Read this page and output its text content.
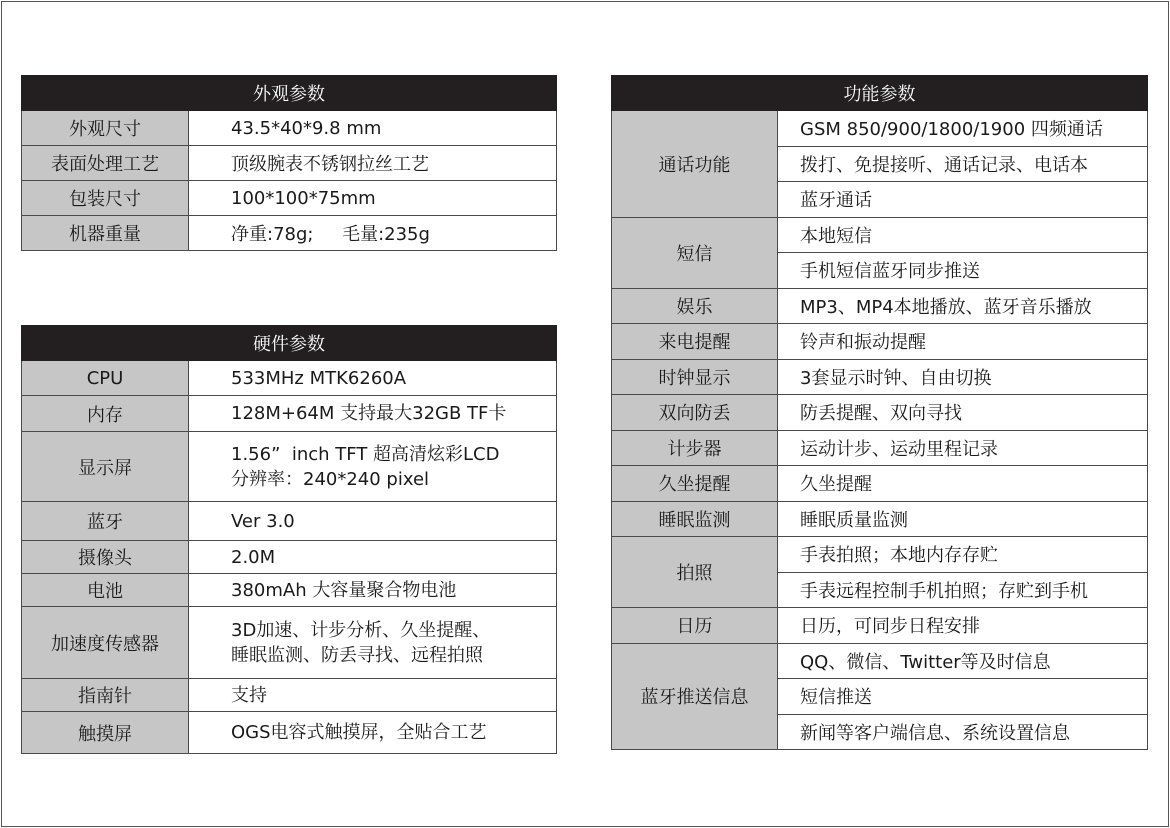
外观参数	
外观尺寸	43.5*40*9.8 mm
表面处理工艺	顶级腕表不锈钢拉丝工艺
包装尺寸	100*100*75mm
机器重量	净重:78g;     毛量:235g
硬件参数	
CPU	533MHz MTK6260A
内存	128M+64M 支持最大32GB TF卡
显示屏	1.56”  inch TFT 超高清炫彩LCD
分辨率：240*240 pixel

蓝牙	Ver 3.0
摄像头	2.0M
电池	380mAh 大容量聚合物电池
加速度传感器	3D加速、计步分析、久坐提醒、
睡眠监测、防丢寻找、远程拍照

指南针	支持
触摸屏	OGS电容式触摸屏，全贴合工艺
功能参数	
通话功能	GSM 850/900/1800/1900 四频通话
	拨打、免提接听、通话记录、电话本
	蓝牙通话
短信	本地短信
	手机短信蓝牙同步推送
娱乐	MP3、MP4本地播放、蓝牙音乐播放
来电提醒	铃声和振动提醒
时钟显示	3套显示时钟、自由切换
双向防丢	防丢提醒、双向寻找
计步器	运动计步、运动里程记录
久坐提醒	久坐提醒
睡眠监测	睡眠质量监测
拍照	手表拍照；本地内存存贮
	手表远程控制手机拍照；存贮到手机
日历	日历，可同步日程安排
蓝牙推送信息	QQ、微信、Twitter等及时信息
	短信推送
	新闻等客户端信息、系统设置信息
